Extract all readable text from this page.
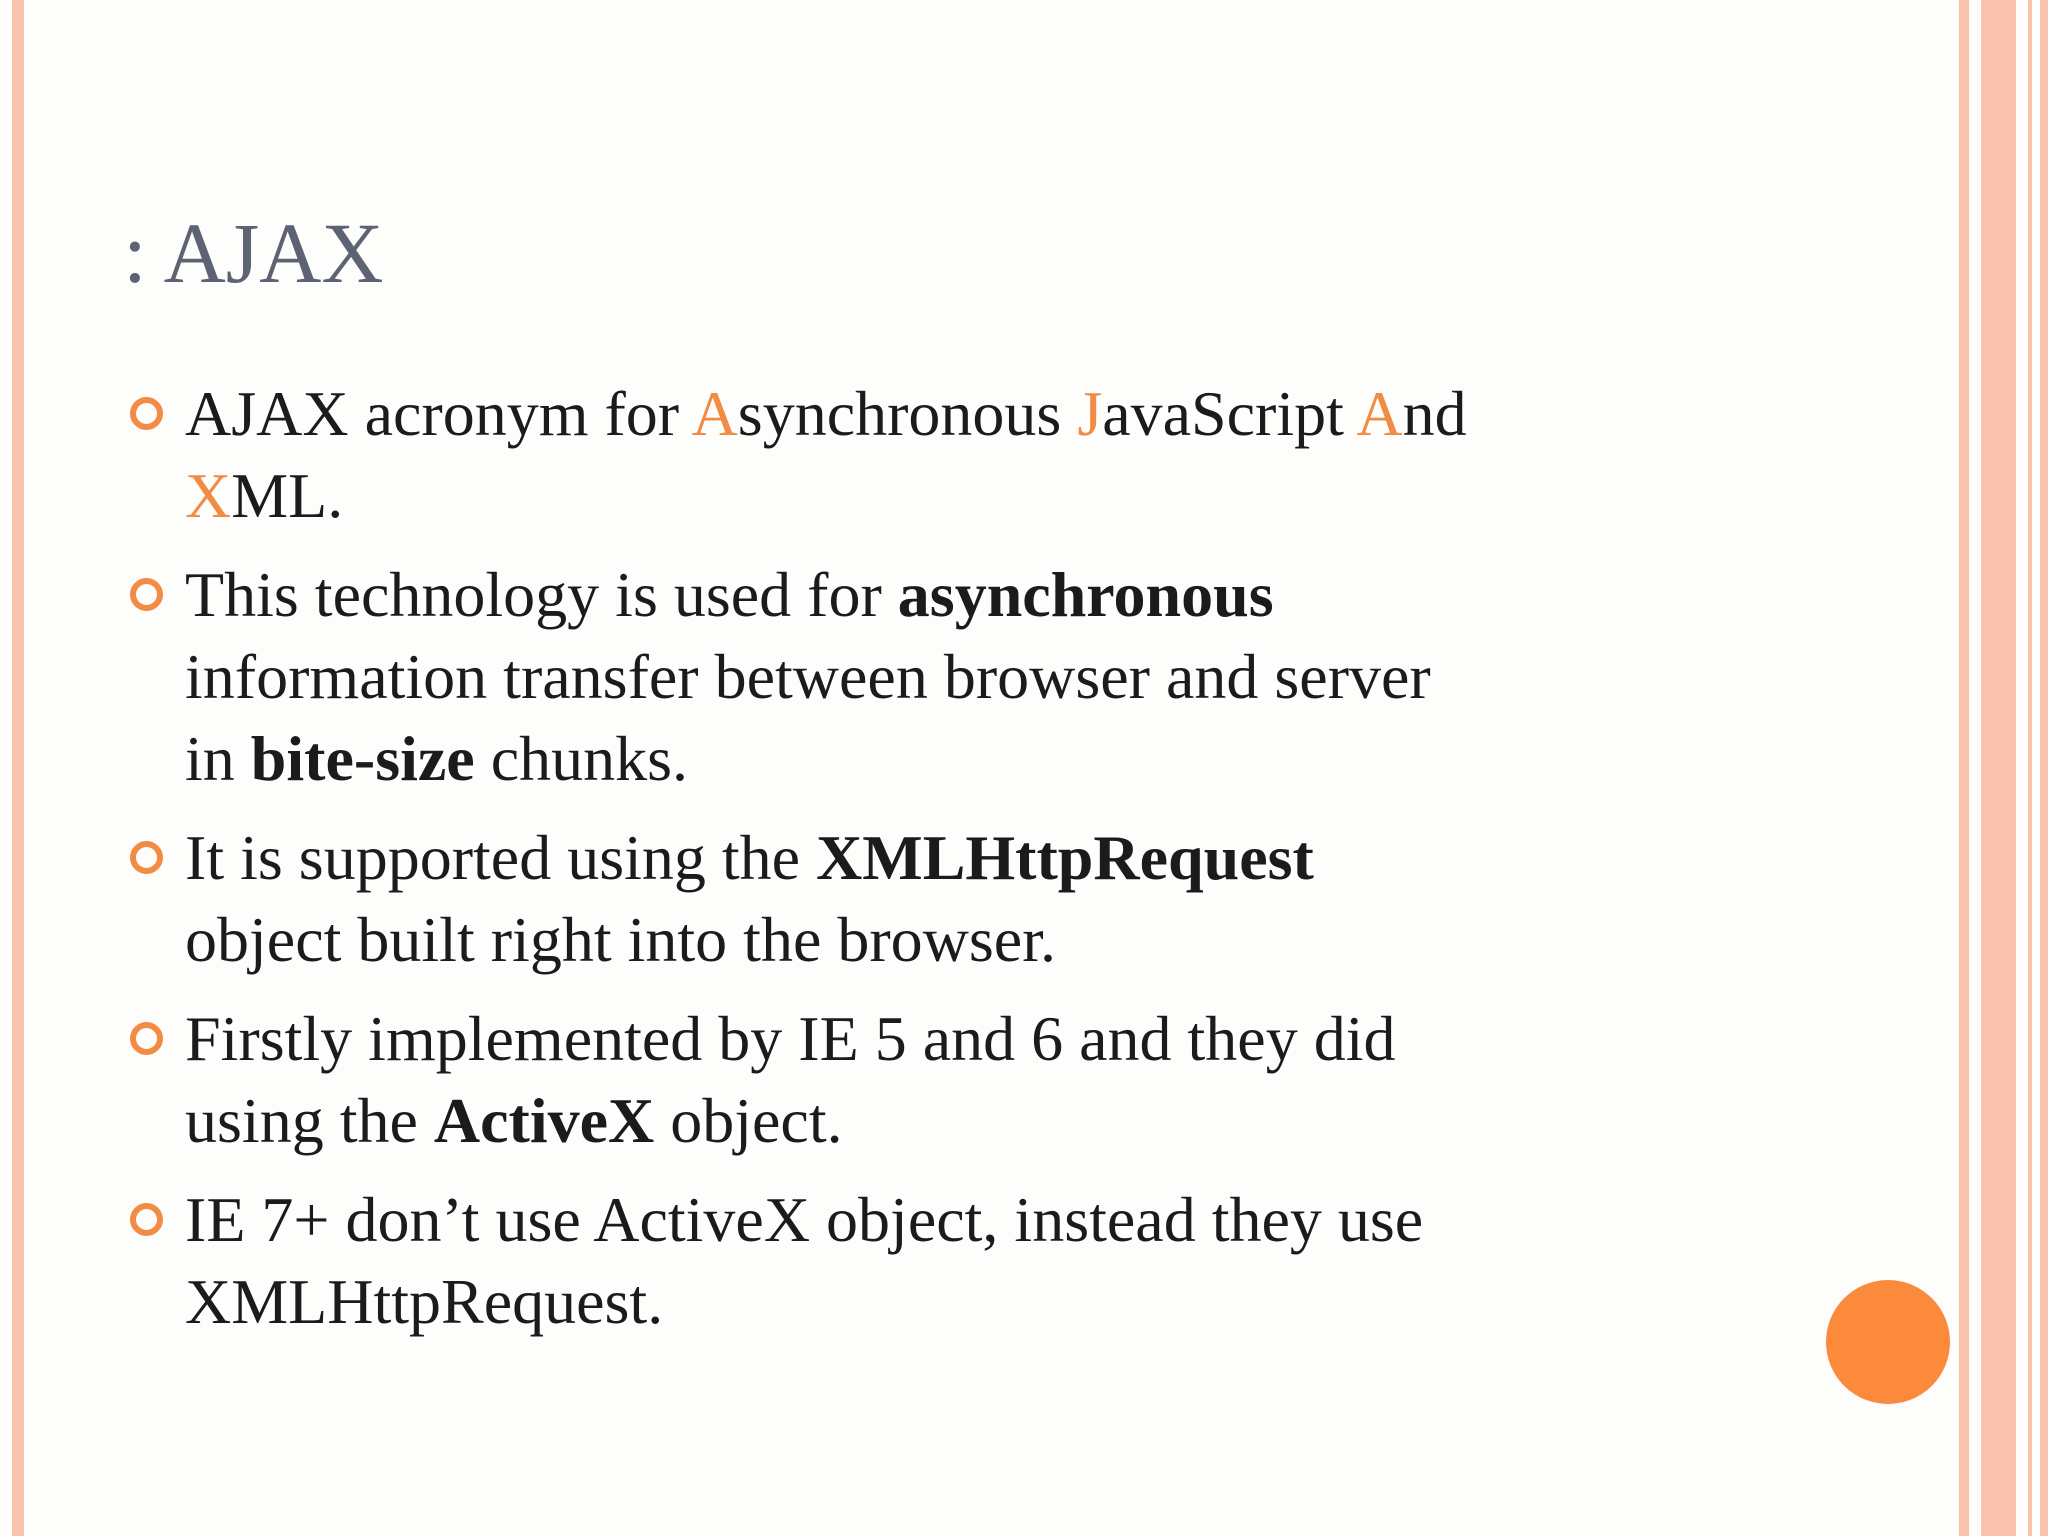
: AJAX
AJAX acronym for Asynchronous JavaScript And
XML.
This technology is used for asynchronous
information transfer between browser and server
in bite-size chunks.
It is supported using the XMLHttpRequest
object built right into the browser.
Firstly implemented by IE 5 and 6 and they did
using the ActiveX object.
IE 7+ don’t use ActiveX object, instead they use
XMLHttpRequest.
